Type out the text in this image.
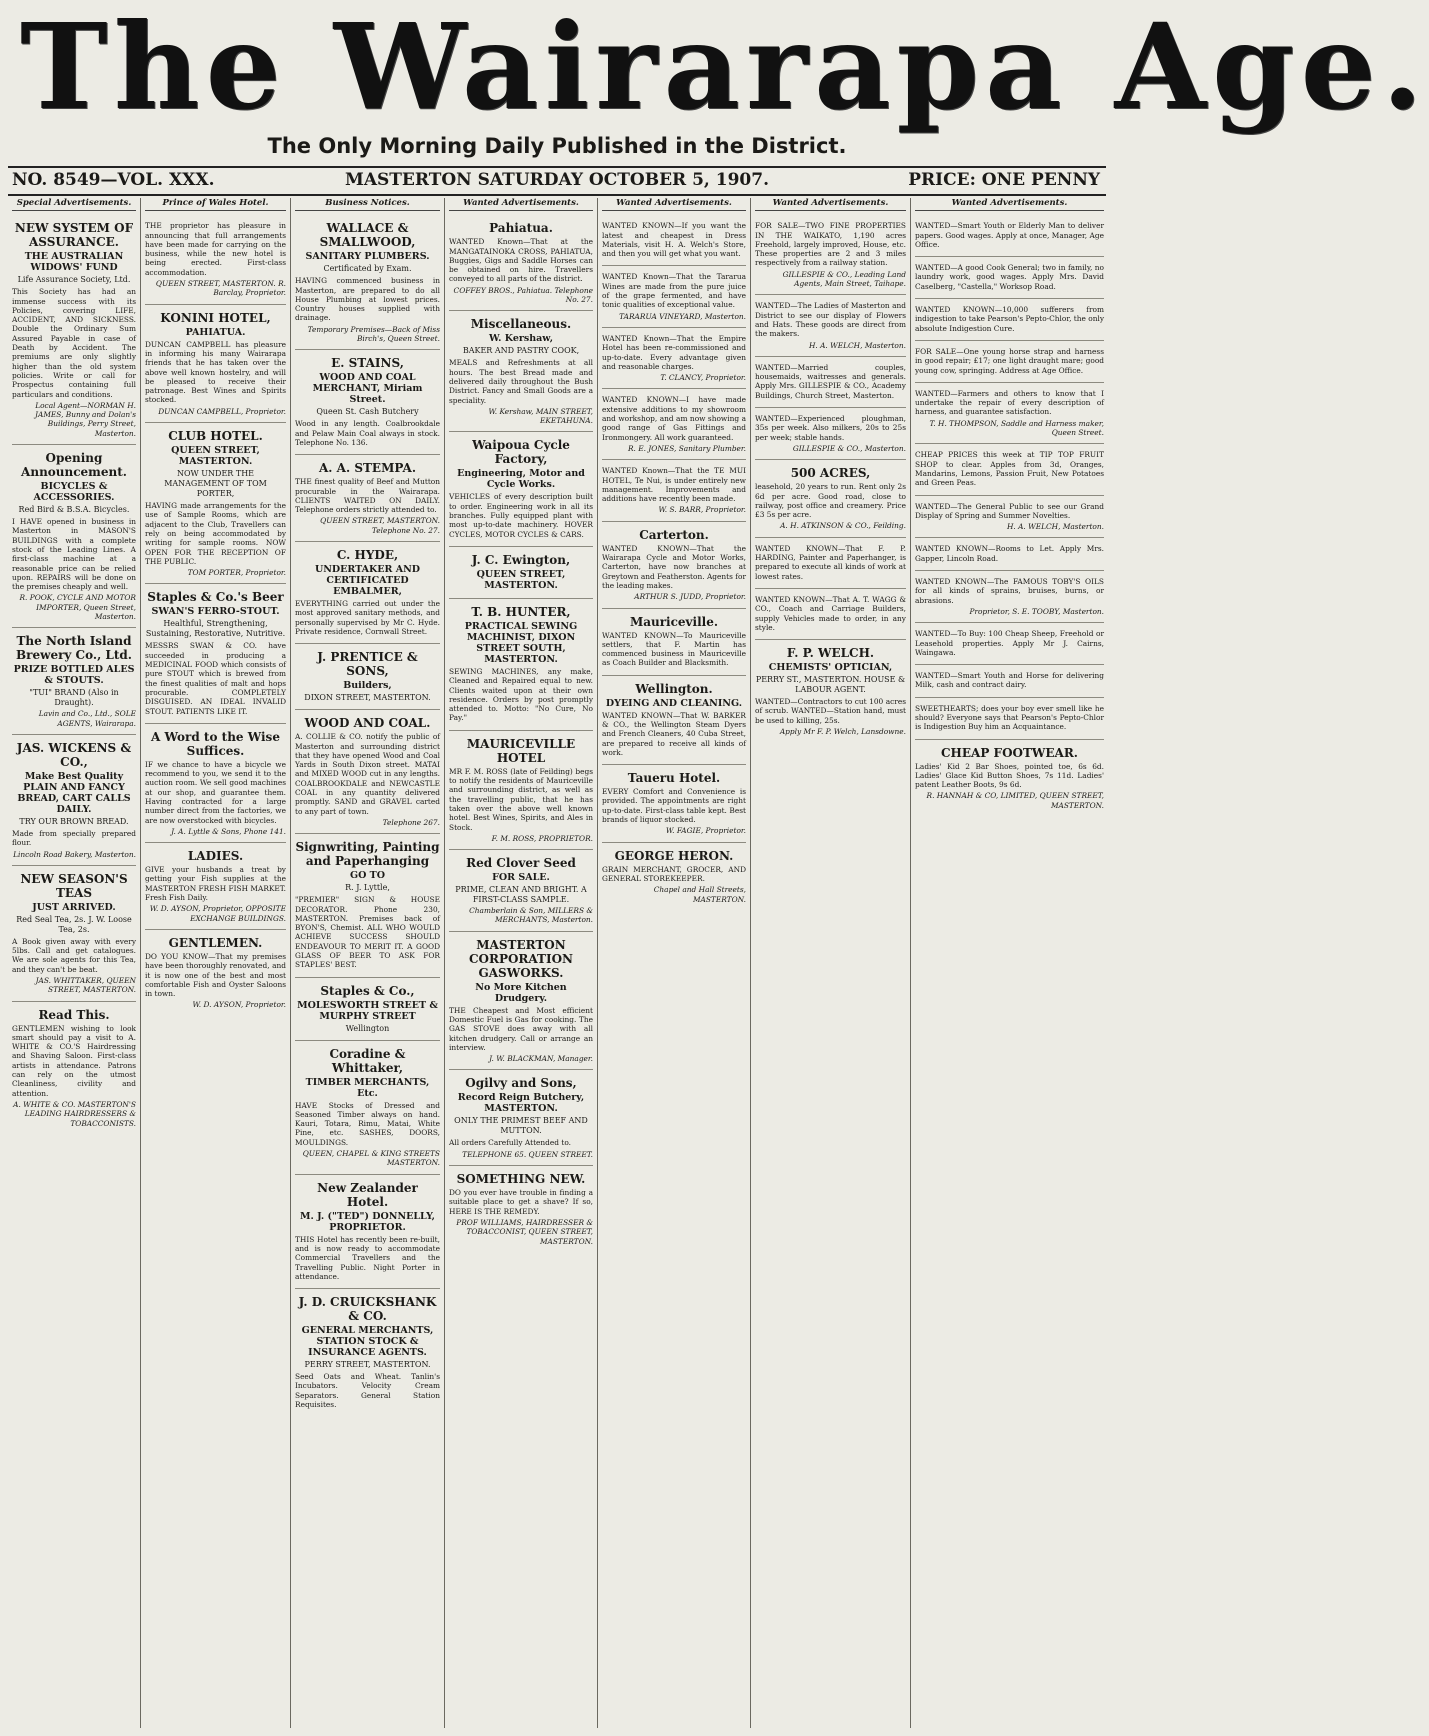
The Wairarapa Age.
The Only Morning Daily Published in the District.
NO. 8549—VOL. XXX.	MASTERTON SATURDAY OCTOBER 5, 1907.	PRICE: ONE PENNY
Special Advertisements.
NEW SYSTEM OF ASSURANCE.
THE AUSTRALIAN WIDOWS' FUND
Life Assurance Society, Ltd.
This Society has had an immense success with its Policies, covering LIFE, ACCIDENT, AND SICKNESS. Double the Ordinary Sum Assured Payable in case of Death by Accident. The premiums are only slightly higher than the old system policies. Write or call for Prospectus containing full particulars and conditions.
Local Agent—NORMAN H. JAMES, Bunny and Dolan's Buildings, Perry Street, Masterton.
Opening Announcement.
BICYCLES & ACCESSORIES.
Red Bird & B.S.A. Bicycles.
I HAVE opened in business in Masterton in MASON'S BUILDINGS with a complete stock of the Leading Lines. A first-class machine at a reasonable price can be relied upon. REPAIRS will be done on the premises cheaply and well.
R. POOK, CYCLE AND MOTOR IMPORTER, Queen Street, Masterton.
The North Island Brewery Co., Ltd.
PRIZE BOTTLED ALES & STOUTS.
"TUI" BRAND (Also in Draught).
Lavin and Co., Ltd., SOLE AGENTS, Wairarapa.
JAS. WICKENS & CO.,
Make Best Quality PLAIN AND FANCY BREAD, CART CALLS DAILY.
TRY OUR BROWN BREAD.
Made from specially prepared flour.
Lincoln Road Bakery, Masterton.
NEW SEASON'S TEAS
JUST ARRIVED.
Red Seal Tea, 2s. J. W. Loose Tea, 2s.
A Book given away with every 5lbs. Call and get catalogues. We are sole agents for this Tea, and they can't be beat.
JAS. WHITTAKER, QUEEN STREET, MASTERTON.
Read This.
GENTLEMEN wishing to look smart should pay a visit to A. WHITE & CO.'S Hairdressing and Shaving Saloon. First-class artists in attendance. Patrons can rely on the utmost Cleanliness, civility and attention.
A. WHITE & CO. MASTERTON'S LEADING HAIRDRESSERS & TOBACCONISTS.
Prince of Wales Hotel.
THE proprietor has pleasure in announcing that full arrangements have been made for carrying on the business, while the new hotel is being erected. First-class accommodation.
QUEEN STREET, MASTERTON. R. Barclay, Proprietor.
KONINI HOTEL,
PAHIATUA.
DUNCAN CAMPBELL has pleasure in informing his many Wairarapa friends that he has taken over the above well known hostelry, and will be pleased to receive their patronage. Best Wines and Spirits stocked.
DUNCAN CAMPBELL, Proprietor.
CLUB HOTEL.
QUEEN STREET, MASTERTON.
NOW UNDER THE MANAGEMENT OF TOM PORTER,
HAVING made arrangements for the use of Sample Rooms, which are adjacent to the Club, Travellers can rely on being accommodated by writing for sample rooms. NOW OPEN FOR THE RECEPTION OF THE PUBLIC.
TOM PORTER, Proprietor.
Staples & Co.'s Beer
SWAN'S FERRO-STOUT.
Healthful, Strengthening, Sustaining, Restorative, Nutritive.
MESSRS SWAN & CO. have succeeded in producing a MEDICINAL FOOD which consists of pure STOUT which is brewed from the finest qualities of malt and hops procurable. COMPLETELY DISGUISED. AN IDEAL INVALID STOUT. PATIENTS LIKE IT.
A Word to the Wise Suffices.
IF we chance to have a bicycle we recommend to you, we send it to the auction room. We sell good machines at our shop, and guarantee them. Having contracted for a large number direct from the factories, we are now overstocked with bicycles.
J. A. Lyttle & Sons, Phone 141.
LADIES.
GIVE your husbands a treat by getting your Fish supplies at the MASTERTON FRESH FISH MARKET. Fresh Fish Daily.
W. D. AYSON, Proprietor, OPPOSITE EXCHANGE BUILDINGS.
GENTLEMEN.
DO YOU KNOW—That my premises have been thoroughly renovated, and it is now one of the best and most comfortable Fish and Oyster Saloons in town.
W. D. AYSON, Proprietor.
Business Notices.
WALLACE & SMALLWOOD,
SANITARY PLUMBERS.
Certificated by Exam.
HAVING commenced business in Masterton, are prepared to do all House Plumbing at lowest prices. Country houses supplied with drainage.
Temporary Premises—Back of Miss Birch's, Queen Street.
E. STAINS,
WOOD AND COAL MERCHANT, Miriam Street.
Queen St. Cash Butchery
Wood in any length. Coalbrookdale and Pelaw Main Coal always in stock. Telephone No. 136.
A. A. STEMPA.
THE finest quality of Beef and Mutton procurable in the Wairarapa. CLIENTS WAITED ON DAILY. Telephone orders strictly attended to.
QUEEN STREET, MASTERTON. Telephone No. 27.
C. HYDE,
UNDERTAKER AND CERTIFICATED EMBALMER,
EVERYTHING carried out under the most approved sanitary methods, and personally supervised by Mr C. Hyde. Private residence, Cornwall Street.
J. PRENTICE & SONS,
Builders,
DIXON STREET, MASTERTON.
WOOD AND COAL.
A. COLLIE & CO. notify the public of Masterton and surrounding district that they have opened Wood and Coal Yards in South Dixon street. MATAI and MIXED WOOD cut in any lengths. COALBROOKDALE and NEWCASTLE COAL in any quantity delivered promptly. SAND and GRAVEL carted to any part of town.
Telephone 267.
Signwriting, Painting and Paperhanging
GO TO
R. J. Lyttle,
"PREMIER" SIGN & HOUSE DECORATOR. Phone 230, MASTERTON. Premises back of BYON'S, Chemist. ALL WHO WOULD ACHIEVE SUCCESS SHOULD ENDEAVOUR TO MERIT IT. A GOOD GLASS OF BEER TO ASK FOR STAPLES' BEST.
Staples & Co.,
MOLESWORTH STREET & MURPHY STREET
Wellington
Coradine & Whittaker,
TIMBER MERCHANTS, Etc.
HAVE Stocks of Dressed and Seasoned Timber always on hand. Kauri, Totara, Rimu, Matai, White Pine, etc. SASHES, DOORS, MOULDINGS.
QUEEN, CHAPEL & KING STREETS MASTERTON.
New Zealander Hotel.
M. J. ("TED") DONNELLY, PROPRIETOR.
THIS Hotel has recently been re-built, and is now ready to accommodate Commercial Travellers and the Travelling Public. Night Porter in attendance.
J. D. CRUICKSHANK & CO.
GENERAL MERCHANTS, STATION STOCK & INSURANCE AGENTS.
PERRY STREET, MASTERTON.
Seed Oats and Wheat. Tanlin's Incubators. Velocity Cream Separators. General Station Requisites.
Wanted Advertisements.
Pahiatua.
WANTED Known—That at the MANGATAINOKA CROSS, PAHIATUA, Buggies, Gigs and Saddle Horses can be obtained on hire. Travellers conveyed to all parts of the district.
COFFEY BROS., Pahiatua. Telephone No. 27.
Miscellaneous.
W. Kershaw,
BAKER AND PASTRY COOK,
MEALS and Refreshments at all hours. The best Bread made and delivered daily throughout the Bush District. Fancy and Small Goods are a speciality.
W. Kershaw, MAIN STREET, EKETAHUNA.
Waipoua Cycle Factory,
Engineering, Motor and Cycle Works.
VEHICLES of every description built to order. Engineering work in all its branches. Fully equipped plant with most up-to-date machinery. HOVER CYCLES, MOTOR CYCLES & CARS.
J. C. Ewington,
QUEEN STREET, MASTERTON.
T. B. HUNTER,
PRACTICAL SEWING MACHINIST, DIXON STREET SOUTH, MASTERTON.
SEWING MACHINES, any make, Cleaned and Repaired equal to new. Clients waited upon at their own residence. Orders by post promptly attended to. Motto: "No Cure, No Pay."
MAURICEVILLE HOTEL
MR F. M. ROSS (late of Feilding) begs to notify the residents of Mauriceville and surrounding district, as well as the travelling public, that he has taken over the above well known hotel. Best Wines, Spirits, and Ales in Stock.
F. M. ROSS, PROPRIETOR.
Red Clover Seed
FOR SALE.
PRIME, CLEAN AND BRIGHT. A FIRST-CLASS SAMPLE.
Chamberlain & Son, MILLERS & MERCHANTS, Masterton.
MASTERTON CORPORATION GASWORKS.
No More Kitchen Drudgery.
THE Cheapest and Most efficient Domestic Fuel is Gas for cooking. The GAS STOVE does away with all kitchen drudgery. Call or arrange an interview.
J. W. BLACKMAN, Manager.
Ogilvy and Sons,
Record Reign Butchery, MASTERTON.
ONLY THE PRIMEST BEEF AND MUTTON.
All orders Carefully Attended to.
TELEPHONE 65. QUEEN STREET.
SOMETHING NEW.
DO you ever have trouble in finding a suitable place to get a shave? If so, HERE IS THE REMEDY.
PROF WILLIAMS, HAIRDRESSER & TOBACCONIST, QUEEN STREET, MASTERTON.
Wanted Advertisements.
WANTED KNOWN—If you want the latest and cheapest in Dress Materials, visit H. A. Welch's Store, and then you will get what you want.
WANTED Known—That the Tararua Wines are made from the pure juice of the grape fermented, and have tonic qualities of exceptional value.
TARARUA VINEYARD, Masterton.
WANTED Known—That the Empire Hotel has been re-commissioned and up-to-date. Every advantage given and reasonable charges.
T. CLANCY, Proprietor.
WANTED KNOWN—I have made extensive additions to my showroom and workshop, and am now showing a good range of Gas Fittings and Ironmongery. All work guaranteed.
R. E. JONES, Sanitary Plumber.
WANTED Known—That the TE MUI HOTEL, Te Nui, is under entirely new management. Improvements and additions have recently been made.
W. S. BARR, Proprietor.
Carterton.
WANTED KNOWN—That the Wairarapa Cycle and Motor Works, Carterton, have now branches at Greytown and Featherston. Agents for the leading makes.
ARTHUR S. JUDD, Proprietor.
Mauriceville.
WANTED KNOWN—To Mauriceville settlers, that F. Martin has commenced business in Mauriceville as Coach Builder and Blacksmith.
Wellington.
DYEING AND CLEANING.
WANTED KNOWN—That W. BARKER & CO., the Wellington Steam Dyers and French Cleaners, 40 Cuba Street, are prepared to receive all kinds of work.
Taueru Hotel.
EVERY Comfort and Convenience is provided. The appointments are right up-to-date. First-class table kept. Best brands of liquor stocked.
W. FAGIE, Proprietor.
GEORGE HERON.
GRAIN MERCHANT, GROCER, AND GENERAL STOREKEEPER.
Chapel and Hall Streets, MASTERTON.
Wanted Advertisements.
FOR SALE—TWO FINE PROPERTIES IN THE WAIKATO, 1,190 acres Freehold, largely improved, House, etc. These properties are 2 and 3 miles respectively from a railway station.
GILLESPIE & CO., Leading Land Agents, Main Street, Taihape.
WANTED—The Ladies of Masterton and District to see our display of Flowers and Hats. These goods are direct from the makers.
H. A. WELCH, Masterton.
WANTED—Married couples, housemaids, waitresses and generals. Apply Mrs. GILLESPIE & CO., Academy Buildings, Church Street, Masterton.
WANTED—Experienced ploughman, 35s per week. Also milkers, 20s to 25s per week; stable hands.
GILLESPIE & CO., Masterton.
500 ACRES,
leasehold, 20 years to run. Rent only 2s 6d per acre. Good road, close to railway, post office and creamery. Price £3 5s per acre.
A. H. ATKINSON & CO., Feilding.
WANTED KNOWN—That F. P. HARDING, Painter and Paperhanger, is prepared to execute all kinds of work at lowest rates.
WANTED KNOWN—That A. T. WAGG & CO., Coach and Carriage Builders, supply Vehicles made to order, in any style.
F. P. WELCH.
CHEMISTS' OPTICIAN,
PERRY ST., MASTERTON. HOUSE & LABOUR AGENT.
WANTED—Contractors to cut 100 acres of scrub. WANTED—Station hand, must be used to killing, 25s.
Apply Mr F. P. Welch, Lansdowne.
Wanted Advertisements.
WANTED—Smart Youth or Elderly Man to deliver papers. Good wages. Apply at once, Manager, Age Office.
WANTED—A good Cook General; two in family, no laundry work, good wages. Apply Mrs. David Caselberg, "Castella," Worksop Road.
WANTED KNOWN—10,000 sufferers from indigestion to take Pearson's Pepto-Chlor, the only absolute Indigestion Cure.
FOR SALE—One young horse strap and harness in good repair; £17; one light draught mare; good young cow, springing. Address at Age Office.
WANTED—Farmers and others to know that I undertake the repair of every description of harness, and guarantee satisfaction.
T. H. THOMPSON, Saddle and Harness maker, Queen Street.
CHEAP PRICES this week at TIP TOP FRUIT SHOP to clear. Apples from 3d, Oranges, Mandarins, Lemons, Passion Fruit, New Potatoes and Green Peas.
WANTED—The General Public to see our Grand Display of Spring and Summer Novelties.
H. A. WELCH, Masterton.
WANTED KNOWN—Rooms to Let. Apply Mrs. Gapper, Lincoln Road.
WANTED KNOWN—The FAMOUS TOBY'S OILS for all kinds of sprains, bruises, burns, or abrasions.
Proprietor, S. E. TOOBY, Masterton.
WANTED—To Buy: 100 Cheap Sheep, Freehold or Leasehold properties. Apply Mr J. Cairns, Waingawa.
WANTED—Smart Youth and Horse for delivering Milk, cash and contract dairy.
SWEETHEARTS; does your boy ever smell like he should? Everyone says that Pearson's Pepto-Chlor is Indigestion Buy him an Acquaintance.
CHEAP FOOTWEAR.
Ladies' Kid 2 Bar Shoes, pointed toe, 6s 6d. Ladies' Glace Kid Button Shoes, 7s 11d. Ladies' patent Leather Boots, 9s 6d.
R. HANNAH & CO, LIMITED, QUEEN STREET, MASTERTON.
